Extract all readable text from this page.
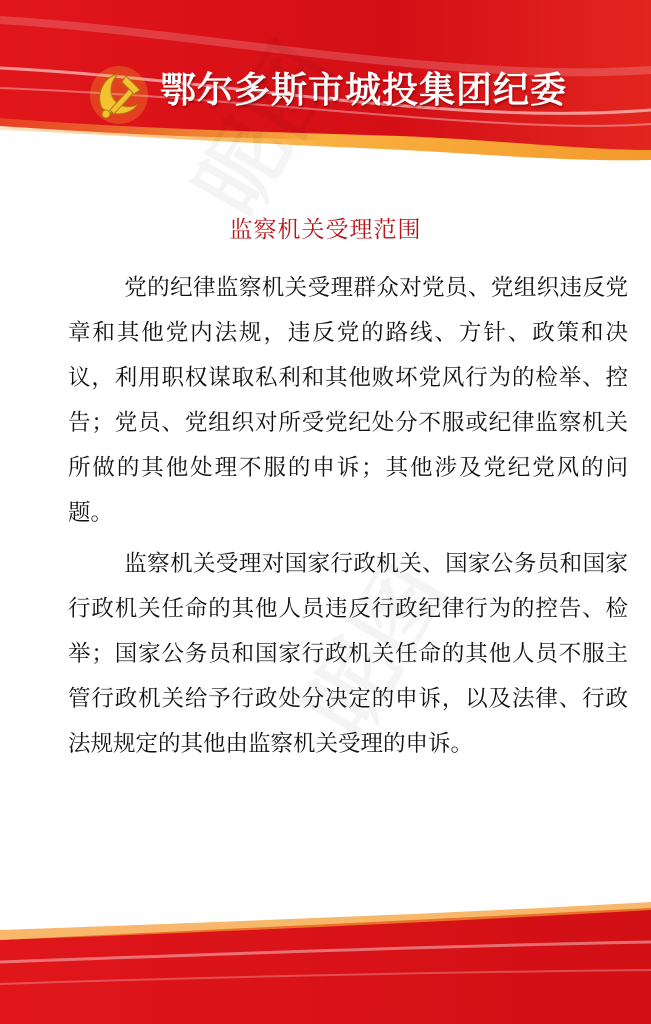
鄂尔多斯市城投集团纪委
监察机关受理范围

党的纪律监察机关受理群众对党员、党组织违反党章和其他党内法规，违反党的路线、方针、政策和决议，利用职权谋取私利和其他败坏党风行为的检举、控告；党员、党组织对所受党纪处分不服或纪律监察机关所做的其他处理不服的申诉；其他涉及党纪党风的问题。

监察机关受理对国家行政机关、国家公务员和国家行政机关任命的其他人员违反行政纪律行为的控告、检举；国家公务员和国家行政机关任命的其他人员不服主管行政机关给予行政处分决定的申诉，以及法律、行政法规规定的其他由监察机关受理的申诉。
